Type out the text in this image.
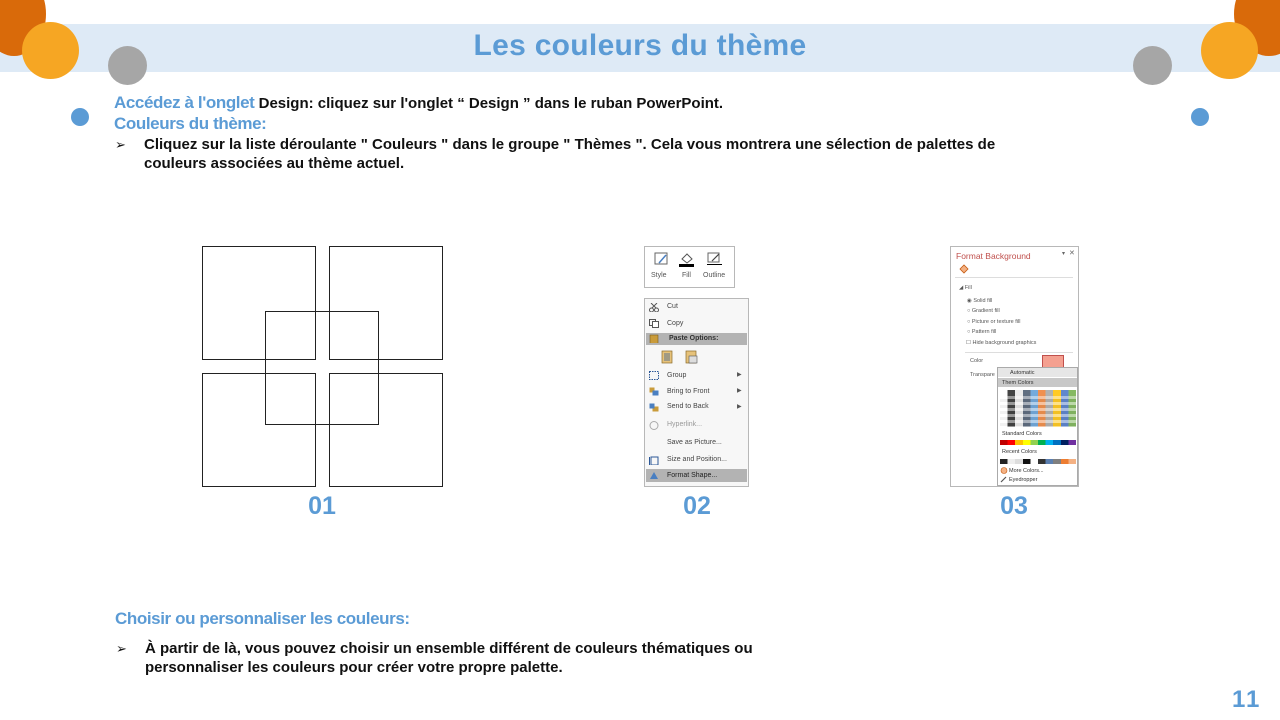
Les couleurs du thème
Accédez à l'onglet Design: cliquez sur l'onglet “ Design ” dans le ruban PowerPoint.
Couleurs du thème:
➢ Cliquez sur la liste déroulante " Couleurs " dans le groupe " Thèmes ". Cela vous montrera une sélection de palettes de
couleurs associées au thème actuel.
01
Style Fill Outline
Cut
Copy
Paste Options:
Group	▶
Bring to Front	▶
Send to Back	▶
Hyperlink...
Save as Picture...
Size and Position...
Format Shape...
02
Format Background	▾ ✕
◢ Fill
◉ Solid fill
○ Gradient fill
○ Picture or texture fill
○ Pattern fill
☐ Hide background graphics
Color
Transpare	Automatic
Them Colors
Standard Colors
Recent Colors
More Colors...
Eyedropper
03
Choisir ou personnaliser les couleurs:
➢ À partir de là, vous pouvez choisir un ensemble différent de couleurs thématiques ou
personnaliser les couleurs pour créer votre propre palette.
11
